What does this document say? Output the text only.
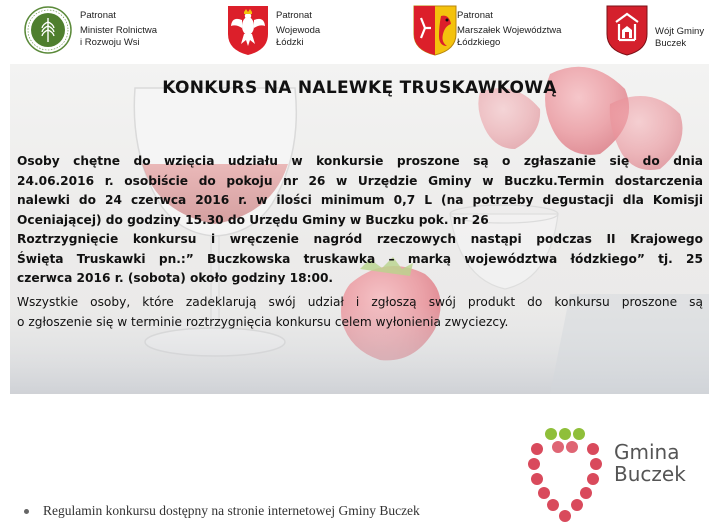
Patronat
Minister Rolnictwa
i Rozwoju Wsi
Patronat
Wojewoda
Łódzki
Patronat
Marszałek Województwa
Łódzkiego
Wójt Gminy
Buczek
KONKURS NA NALEWKĘ TRUSKAWKOWĄ
Osoby chętne do wzięcia udziału w konkursie proszone są o zgłaszanie się do dnia
24.06.2016 r. osobiście do pokoju nr 26 w Urzędzie Gminy w Buczku.Termin dostarczenia
nalewki do 24 czerwca 2016 r. w ilości minimum 0,7 L (na potrzeby degustacji dla Komisji
Oceniającej) do godziny 15.30 do Urzędu Gminy w Buczku pok. nr 26
Roztrzygnięcie konkursu i wręczenie nagród rzeczowych nastąpi podczas II Krajowego
Święta Truskawki pn.:” Buczkowska truskawka – marką województwa łódzkiego” tj. 25
czerwca 2016 r. (sobota) około godziny 18:00.
Wszystkie osoby, które zadeklarują swój udział i zgłoszą swój produkt do konkursu proszone są
o zgłoszenie się w terminie roztrzygnięcia konkursu celem wyłonienia zwyciezcy.
Gmina
Buczek
Regulamin konkursu dostępny na stronie internetowej Gminy Buczek
